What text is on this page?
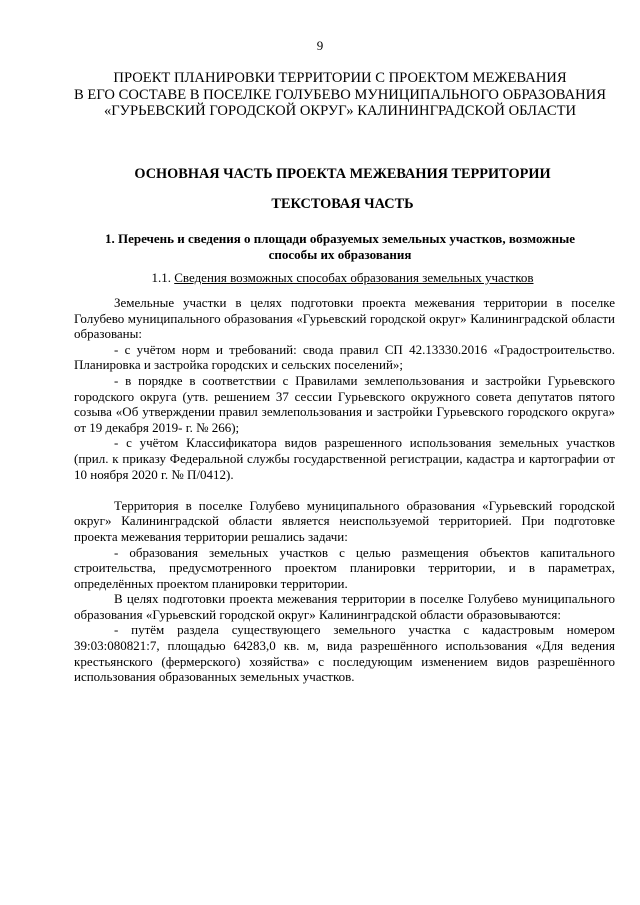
9
ПРОЕКТ ПЛАНИРОВКИ ТЕРРИТОРИИ С ПРОЕКТОМ МЕЖЕВАНИЯ
В ЕГО СОСТАВЕ В ПОСЕЛКЕ ГОЛУБЕВО МУНИЦИПАЛЬНОГО ОБРАЗОВАНИЯ
«ГУРЬЕВСКИЙ ГОРОДСКОЙ ОКРУГ» КАЛИНИНГРАДСКОЙ ОБЛАСТИ
ОСНОВНАЯ ЧАСТЬ ПРОЕКТА МЕЖЕВАНИЯ ТЕРРИТОРИИ
ТЕКСТОВАЯ ЧАСТЬ
1. Перечень и сведения о площади образуемых земельных участков, возможные
способы их образования
1.1. Сведения возможных способах образования земельных участков

Земельные участки в целях подготовки проекта межевания территории в поселке Голубево муниципального образования «Гурьевский городской округ» Калининградской области образованы:

- с учётом норм и требований: свода правил СП 42.13330.2016 «Градостроительство. Планировка и застройка городских и сельских поселений»;

- в порядке в соответствии с Правилами землепользования и застройки Гурьевского городского округа (утв. решением 37 сессии Гурьевского окружного совета депутатов пятого созыва «Об утверждении правил землепользования и застройки Гурьевского городского округа» от 19 декабря 2019- г. № 266);

- с учётом Классификатора видов разрешенного использования земельных участков (прил. к приказу Федеральной службы государственной регистрации, кадастра и картографии от 10 ноября 2020 г. № П/0412).

Территория в поселке Голубево муниципального образования «Гурьевский городской округ» Калининградской области является неиспользуемой территорией. При подготовке проекта межевания территории решались задачи:

- образования земельных участков с целью размещения объектов капитального строительства, предусмотренного проектом планировки территории, и в параметрах, определённых проектом планировки территории.

В целях подготовки проекта межевания территории в поселке Голубево муниципального образования «Гурьевский городской округ» Калининградской области образовываются:

- путём раздела существующего земельного участка с кадастровым номером 39:03:080821:7, площадью 64283,0 кв. м, вида разрешённого использования «Для ведения крестьянского (фермерского) хозяйства» с последующим изменением видов разрешённого использования образованных земельных участков.
